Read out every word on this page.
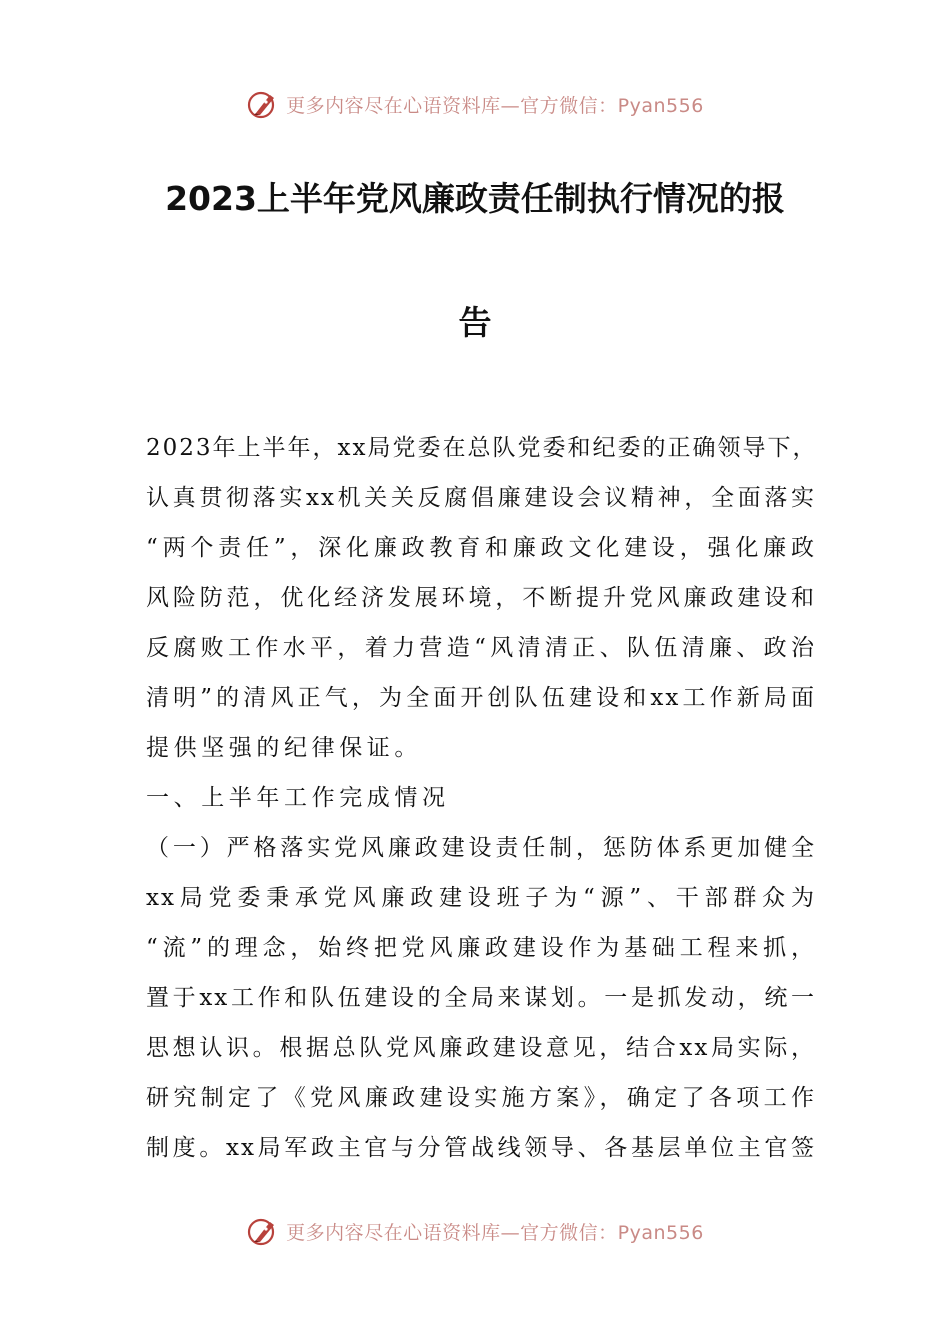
更多内容尽在心语资料库—官方微信：Pyan556
2023上半年党风廉政责任制执行情况的报
告
2023年上半年，xx局党委在总队党委和纪委的正确领导下，
认真贯彻落实xx机关关反腐倡廉建设会议精神，全面落实
“两个责任”，深化廉政教育和廉政文化建设，强化廉政
风险防范，优化经济发展环境，不断提升党风廉政建设和
反腐败工作水平，着力营造“风清清正、队伍清廉、政治
清明”的清风正气，为全面开创队伍建设和xx工作新局面
提供坚强的纪律保证。
一、上半年工作完成情况
（一）严格落实党风廉政建设责任制，惩防体系更加健全
xx局党委秉承党风廉政建设班子为“源”、干部群众为
“流”的理念，始终把党风廉政建设作为基础工程来抓，
置于xx工作和队伍建设的全局来谋划。一是抓发动，统一
思想认识。根据总队党风廉政建设意见，结合xx局实际，
研究制定了《党风廉政建设实施方案》，确定了各项工作
制度。xx局军政主官与分管战线领导、各基层单位主官签
更多内容尽在心语资料库—官方微信：Pyan556
